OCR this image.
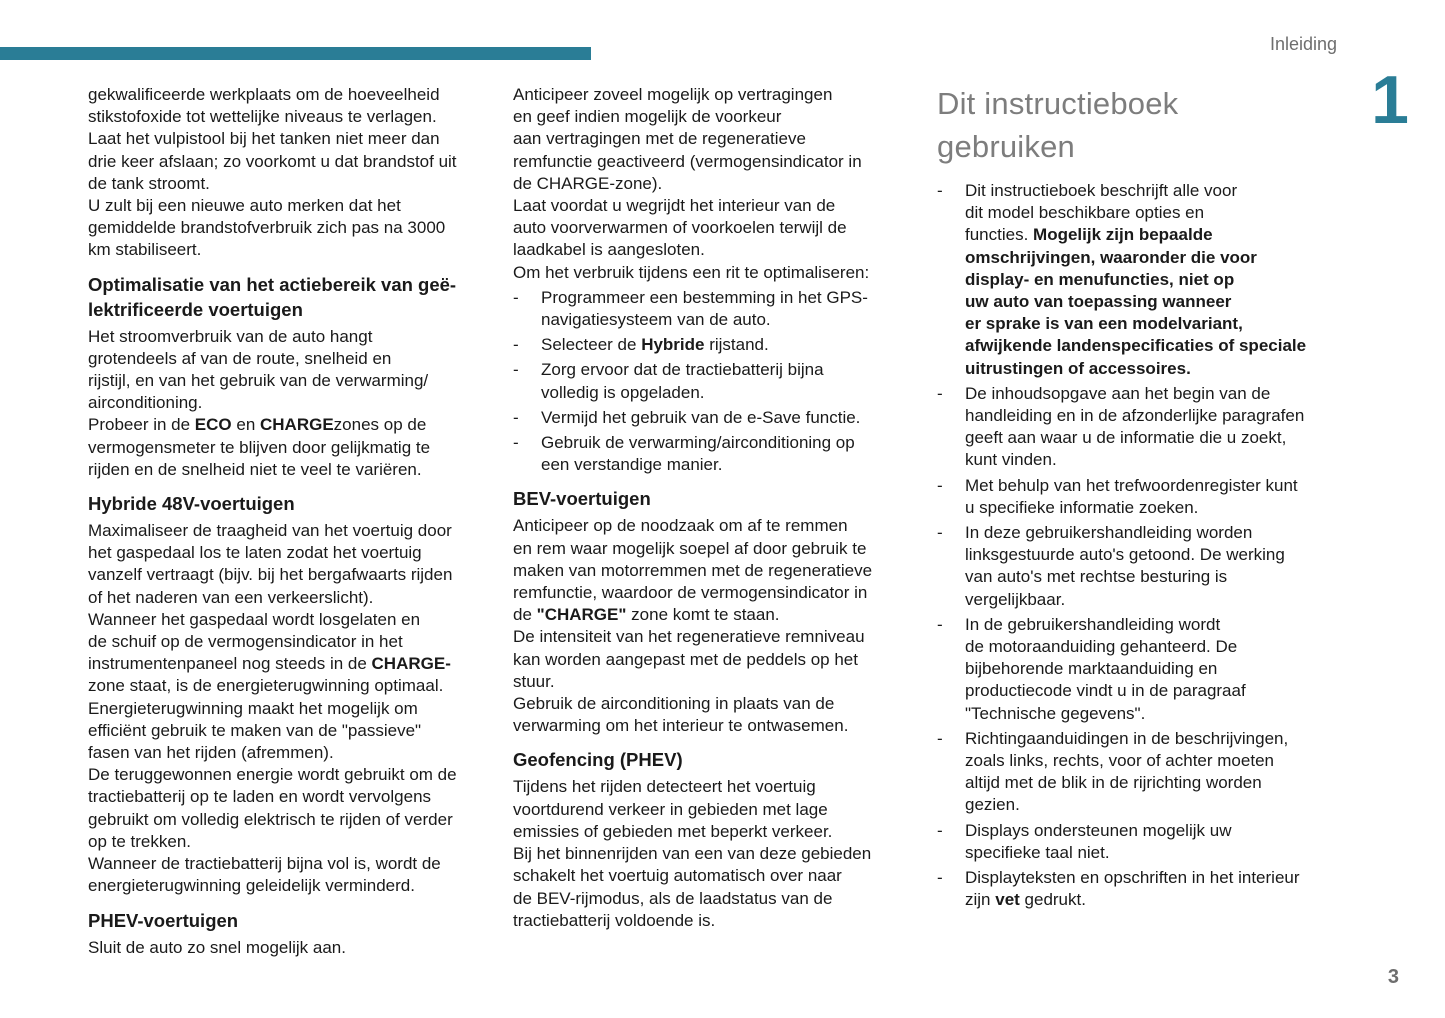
Inleiding
1

gekwalificeerde werkplaats om de hoeveelheid
stikstofoxide tot wettelijke niveaus te verlagen.
Laat het vulpistool bij het tanken niet meer dan
drie keer afslaan; zo voorkomt u dat brandstof uit
de tank stroomt.
U zult bij een nieuwe auto merken dat het
gemiddelde brandstofverbruik zich pas na 3000
km stabiliseert.

Optimalisatie van het actiebereik van geë-
lektrificeerde voertuigen

Het stroomverbruik van de auto hangt
grotendeels af van de route, snelheid en
rijstijl, en van het gebruik van de verwarming/
airconditioning.
Probeer in de ECO en CHARGEzones op de
vermogensmeter te blijven door gelijkmatig te
rijden en de snelheid niet te veel te variëren.

Hybride 48V-voertuigen

Maximaliseer de traagheid van het voertuig door
het gaspedaal los te laten zodat het voertuig
vanzelf vertraagt (bijv. bij het bergafwaarts rijden
of het naderen van een verkeerslicht).
Wanneer het gaspedaal wordt losgelaten en
de schuif op de vermogensindicator in het
instrumentenpaneel nog steeds in de CHARGE-
zone staat, is de energieterugwinning optimaal.
Energieterugwinning maakt het mogelijk om
efficiënt gebruik te maken van de "passieve"
fasen van het rijden (afremmen).
De teruggewonnen energie wordt gebruikt om de
tractiebatterij op te laden en wordt vervolgens
gebruikt om volledig elektrisch te rijden of verder
op te trekken.
Wanneer de tractiebatterij bijna vol is, wordt de
energieterugwinning geleidelijk verminderd.

PHEV-voertuigen

Sluit de auto zo snel mogelijk aan.

Anticipeer zoveel mogelijk op vertragingen
en geef indien mogelijk de voorkeur
aan vertragingen met de regeneratieve
remfunctie geactiveerd (vermogensindicator in
de CHARGE-zone).
Laat voordat u wegrijdt het interieur van de
auto voorverwarmen of voorkoelen terwijl de
laadkabel is aangesloten.
Om het verbruik tijdens een rit te optimaliseren:

-	Programmeer een bestemming in het GPS-
navigatiesysteem van de auto.
-	Selecteer de Hybride rijstand.
-	Zorg ervoor dat de tractiebatterij bijna
volledig is opgeladen.
-	Vermijd het gebruik van de e-Save functie.
-	Gebruik de verwarming/airconditioning op
een verstandige manier.

BEV-voertuigen

Anticipeer op de noodzaak om af te remmen
en rem waar mogelijk soepel af door gebruik te
maken van motorremmen met de regeneratieve
remfunctie, waardoor de vermogensindicator in
de "CHARGE" zone komt te staan.
De intensiteit van het regeneratieve remniveau
kan worden aangepast met de peddels op het
stuur.
Gebruik de airconditioning in plaats van de
verwarming om het interieur te ontwasemen.

Geofencing (PHEV)

Tijdens het rijden detecteert het voertuig
voortdurend verkeer in gebieden met lage
emissies of gebieden met beperkt verkeer.
Bij het binnenrijden van een van deze gebieden
schakelt het voertuig automatisch over naar
de BEV-rijmodus, als de laadstatus van de
tractiebatterij voldoende is.

Dit instructieboek
gebruiken

-	Dit instructieboek beschrijft alle voor
dit model beschikbare opties en
functies. Mogelijk zijn bepaalde
omschrijvingen, waaronder die voor
display- en menufuncties, niet op
uw auto van toepassing wanneer
er sprake is van een modelvariant,
afwijkende landenspecificaties of speciale
uitrustingen of accessoires.
-	De inhoudsopgave aan het begin van de
handleiding en in de afzonderlijke paragrafen
geeft aan waar u de informatie die u zoekt,
kunt vinden.
-	Met behulp van het trefwoordenregister kunt
u specifieke informatie zoeken.
-	In deze gebruikershandleiding worden
linksgestuurde auto's getoond. De werking
van auto's met rechtse besturing is
vergelijkbaar.
-	In de gebruikershandleiding wordt
de motoraanduiding gehanteerd. De
bijbehorende marktaanduiding en
productiecode vindt u in de paragraaf
"Technische gegevens".
-	Richtingaanduidingen in de beschrijvingen,
zoals links, rechts, voor of achter moeten
altijd met de blik in de rijrichting worden
gezien.
-	Displays ondersteunen mogelijk uw
specifieke taal niet.
-	Displayteksten en opschriften in het interieur
zijn vet gedrukt.
3
